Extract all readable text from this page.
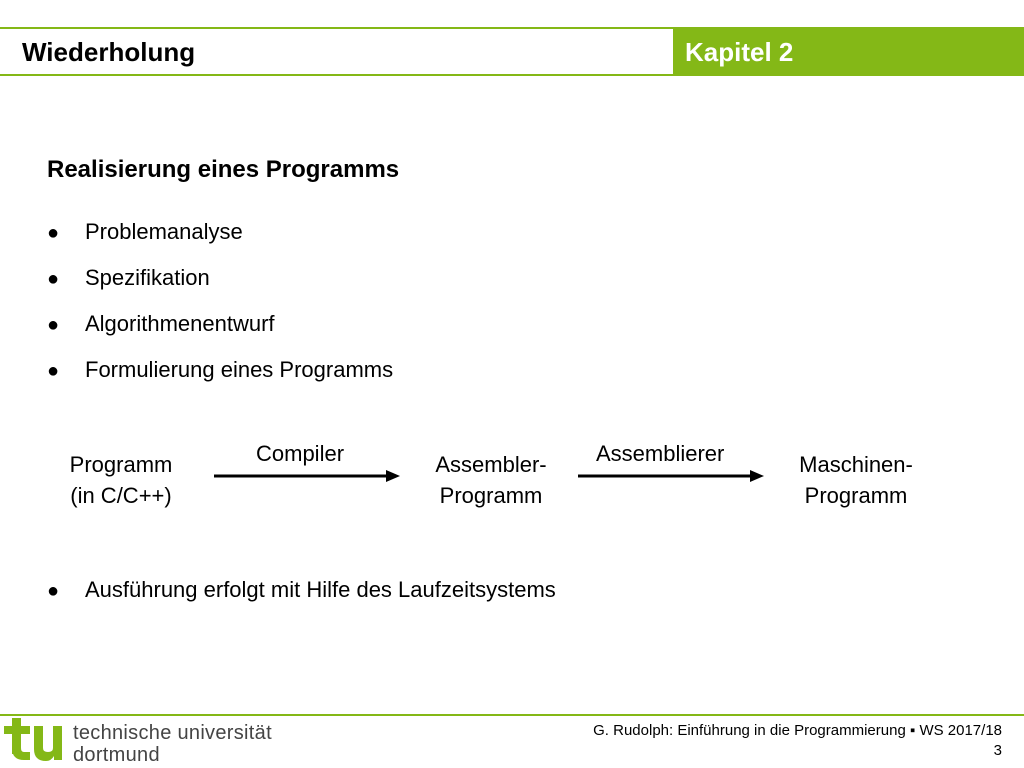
Wiederholung	Kapitel 2
Realisierung eines Programms
● Problemanalyse
● Spezifikation
● Algorithmenentwurf
● Formulierung eines Programms
Programm
(in C/C++)
Compiler	Assembler-
Programm
Assemblierer	Maschinen-
Programm
● Ausführung erfolgt mit Hilfe des Laufzeitsystems
technische universität
dortmund
G. Rudolph: Einführung in die Programmierung ▪ WS 2017/18
3
